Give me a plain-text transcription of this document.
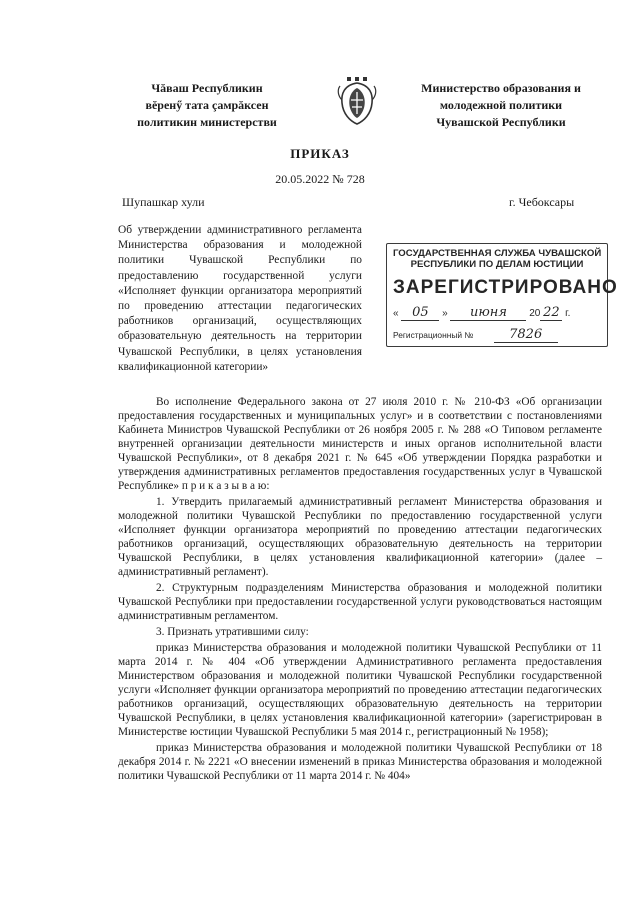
Чăваш Республикин
вĕренӳ тата çамрăксен
политикин министерстви
Министерство образования и
молодежной политики
Чувашской Республики
ПРИКАЗ
20.05.2022 № 728
Шупашкар хули	г. Чебоксары
Об утверждении административного регламента Министерства образования и молодежной политики Чувашской Республики по предоставлению государственной услуги «Исполняет функции организатора мероприятий по проведению аттестации педагогических работников организаций, осуществляющих образовательную деятельность на территории Чувашской Республики, в целях установления квалификационной категории»
ГОСУДАРСТВЕННАЯ СЛУЖБА ЧУВАШСКОЙ
РЕСПУБЛИКИ ПО ДЕЛАМ ЮСТИЦИИ
ЗАРЕГИСТРИРОВАНО
« 05 » июня 20 22 г.
Регистрационный №	7826

Во исполнение Федерального закона от 27 июля 2010 г. № 210-ФЗ «Об организации предоставления государственных и муниципальных услуг» и в соответствии с постановлениями Кабинета Министров Чувашской Республики от 26 ноября 2005 г. № 288 «О Типовом регламенте внутренней организации деятельности министерств и иных органов исполнительной власти Чувашской Республики», от 8 декабря 2021 г. № 645 «Об утверждении Порядка разработки и утверждения административных регламентов предоставления государственных услуг в Чувашской Республике» п р и к а з ы в а ю:

1. Утвердить прилагаемый административный регламент Министерства образования и молодежной политики Чувашской Республики по предоставлению государственной услуги «Исполняет функции организатора мероприятий по проведению аттестации педагогических работников организаций, осуществляющих образовательную деятельность на территории Чувашской Республики, в целях установления квалификационной категории» (далее – административный регламент).

2. Структурным подразделениям Министерства образования и молодежной политики Чувашской Республики при предоставлении государственной услуги руководствоваться настоящим административным регламентом.

3. Признать утратившими силу:

приказ Министерства образования и молодежной политики Чувашской Республики от 11 марта 2014 г. № 404 «Об утверждении Административного регламента предоставления Министерством образования и молодежной политики Чувашской Республики государственной услуги «Исполняет функции организатора мероприятий по проведению аттестации педагогических работников организаций, осуществляющих образовательную деятельность на территории Чувашской Республики, в целях установления квалификационной категории» (зарегистрирован в Министерстве юстиции Чувашской Республики 5 мая 2014 г., регистрационный № 1958);

приказ Министерства образования и молодежной политики Чувашской Республики от 18 декабря 2014 г. № 2221 «О внесении изменений в приказ Министерства образования и молодежной политики Чувашской Республики от 11 марта 2014 г. № 404»
